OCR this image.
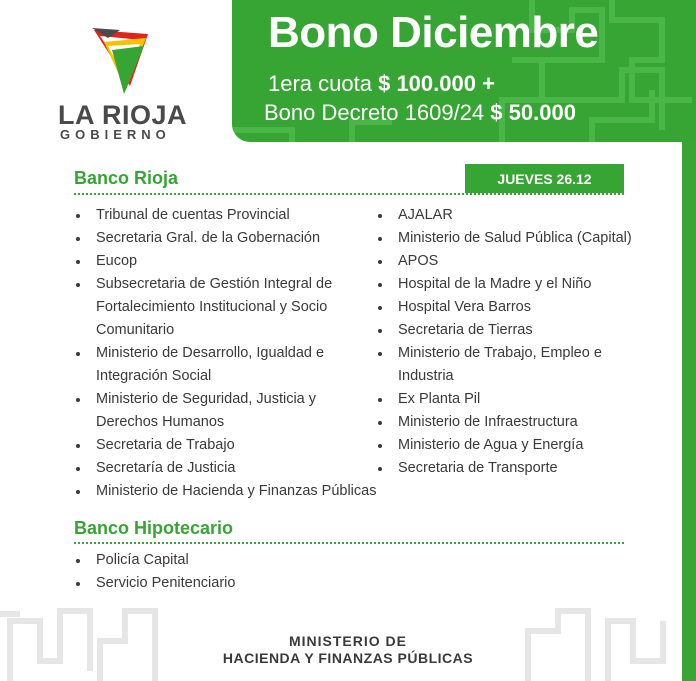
LA RIOJA
GOBIERNO
Bono Diciembre
1era cuota $ 100.000 +
Bono Decreto 1609/24 $ 50.000
Banco Rioja	JUEVES 26.12
Tribunal de cuentas Provincial
Secretaria Gral. de la Gobernación
Eucop
Subsecretaria de Gestión Integral de
Fortalecimiento Institucional y Socio
Comunitario
Ministerio de Desarrollo, Igualdad e
Integración Social
Ministerio de Seguridad, Justicia y
Derechos Humanos
Secretaria de Trabajo
Secretaría de Justicia
Ministerio de Hacienda y Finanzas Públicas
AJALAR
Ministerio de Salud Pública (Capital)
APOS
Hospital de la Madre y el Niño
Hospital Vera Barros
Secretaria de Tierras
Ministerio de Trabajo, Empleo e
Industria
Ex Planta Pil
Ministerio de Infraestructura
Ministerio de Agua y Energía
Secretaria de Transporte
Banco Hipotecario
Policía Capital
Servicio Penitenciario
MINISTERIO DE
HACIENDA Y FINANZAS PÚBLICAS
